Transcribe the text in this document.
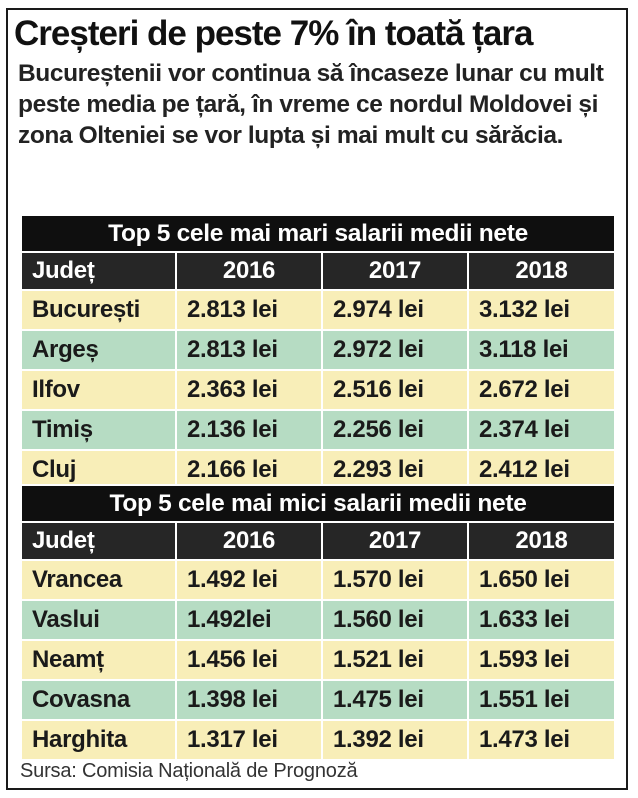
Creșteri de peste 7% în toată țara
Bucureștenii vor continua să încaseze lunar cu mult peste media pe țară, în vreme ce nordul Moldovei și zona Olteniei se vor lupta și mai mult cu sărăcia.
Top 5 cele mai mari salarii medii nete			
Județ	2016	2017	2018
București	2.813 lei	2.974 lei	3.132 lei
Argeș	2.813 lei	2.972 lei	3.118 lei
Ilfov	2.363 lei	2.516 lei	2.672 lei
Timiș	2.136 lei	2.256 lei	2.374 lei
Cluj	2.166 lei	2.293 lei	2.412 lei
Top 5 cele mai mici salarii medii nete			
Județ	2016	2017	2018
Vrancea	1.492 lei	1.570 lei	1.650 lei
Vaslui	1.492lei	1.560 lei	1.633 lei
Neamț	1.456 lei	1.521 lei	1.593 lei
Covasna	1.398 lei	1.475 lei	1.551 lei
Harghita	1.317 lei	1.392 lei	1.473 lei
Sursa: Comisia Națională de Prognoză
